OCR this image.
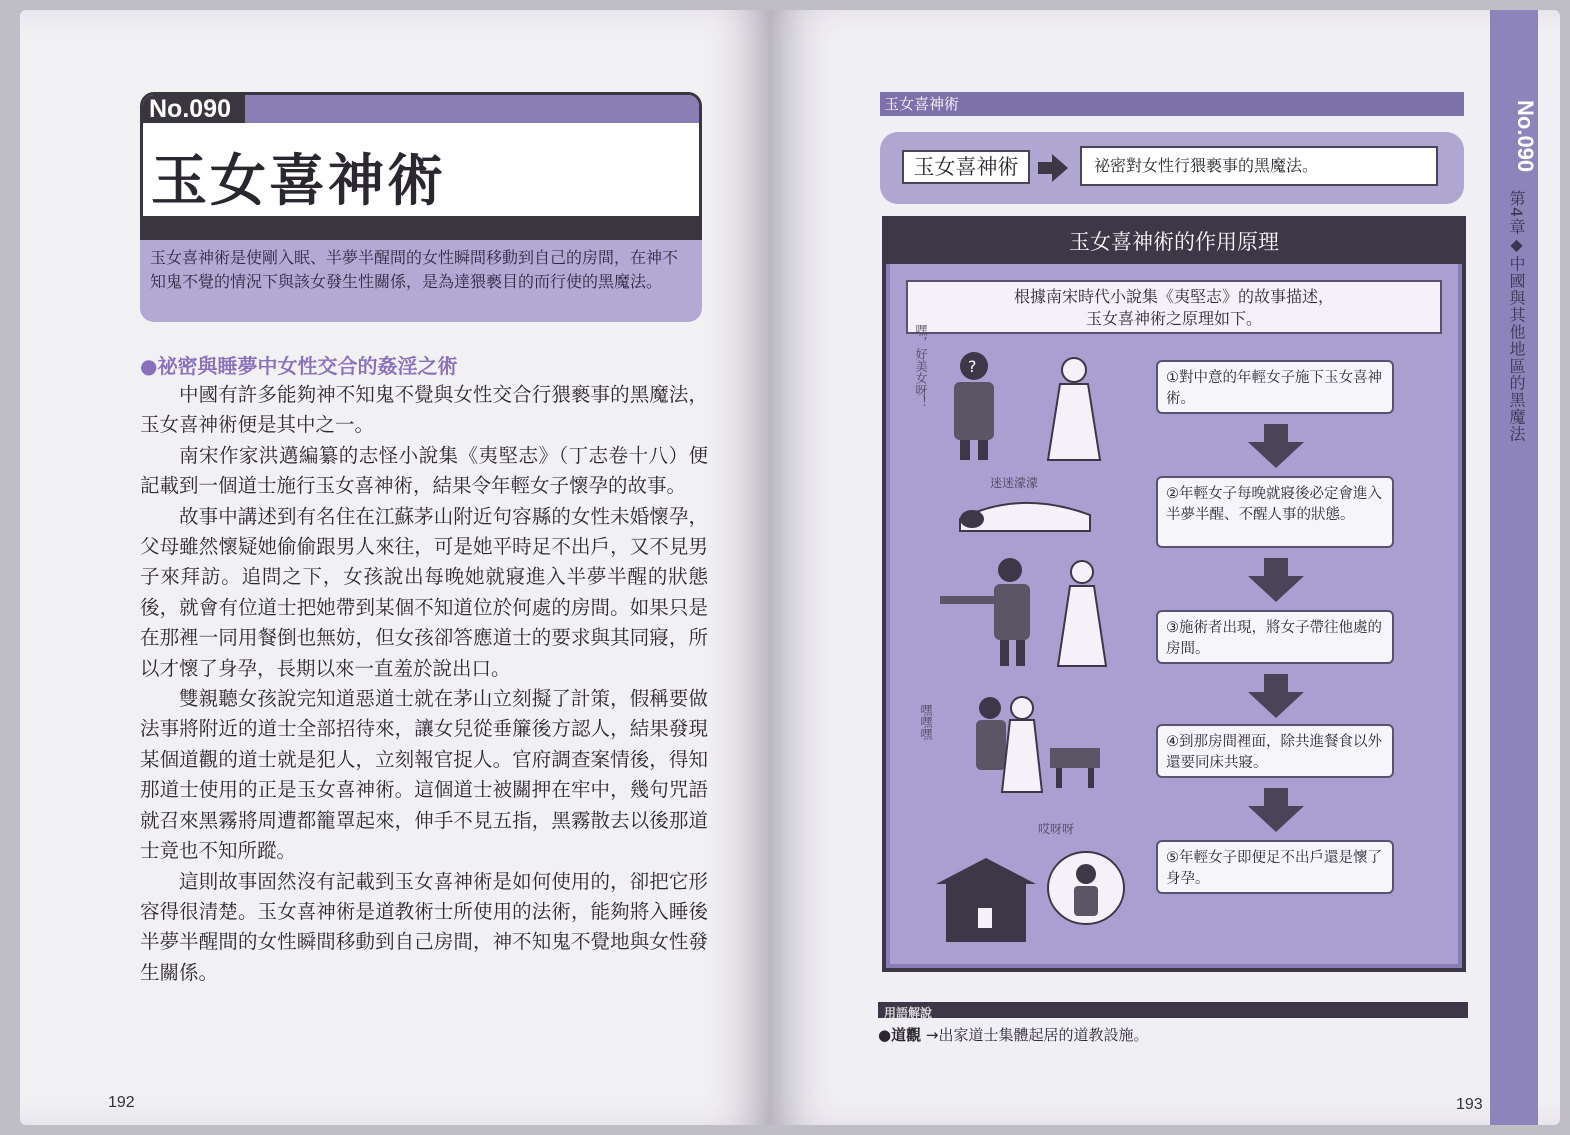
No.090
玉女喜神術
玉女喜神術是使剛入眠、半夢半醒間的女性瞬間移動到自己的房間，在神不知鬼不覺的情況下與該女發生性關係，是為達猥褻目的而行使的黑魔法。
●祕密與睡夢中女性交合的姦淫之術

中國有許多能夠神不知鬼不覺與女性交合行猥褻事的黑魔法，玉女喜神術便是其中之一。

南宋作家洪邁編纂的志怪小說集《夷堅志》（丁志卷十八）便記載到一個道士施行玉女喜神術，結果令年輕女子懷孕的故事。

故事中講述到有名住在江蘇茅山附近句容縣的女性未婚懷孕，父母雖然懷疑她偷偷跟男人來往，可是她平時足不出戶，又不見男子來拜訪。追問之下，女孩說出每晚她就寢進入半夢半醒的狀態後，就會有位道士把她帶到某個不知道位於何處的房間。如果只是在那裡一同用餐倒也無妨，但女孩卻答應道士的要求與其同寢，所以才懷了身孕，長期以來一直羞於說出口。

雙親聽女孩說完知道惡道士就在茅山立刻擬了計策，假稱要做法事將附近的道士全部招待來，讓女兒從垂簾後方認人，結果發現某個道觀的道士就是犯人，立刻報官捉人。官府調查案情後，得知那道士使用的正是玉女喜神術。這個道士被關押在牢中，幾句咒語就召來黑霧將周遭都籠罩起來，伸手不見五指，黑霧散去以後那道士竟也不知所蹤。

這則故事固然沒有記載到玉女喜神術是如何使用的，卻把它形容得很清楚。玉女喜神術是道教術士所使用的法術，能夠將入睡後半夢半醒間的女性瞬間移動到自己房間，神不知鬼不覺地與女性發生關係。

192
玉女喜神術
玉女喜神術	祕密對女性行猥褻事的黑魔法。
玉女喜神術的作用原理
根據南宋時代小說集《夷堅志》的故事描述，
玉女喜神術之原理如下。
?
嘿，好美女呀！
迷迷濛濛
嘿嘿嘿
哎呀呀
①對中意的年輕女子施下玉女喜神術。
②年輕女子每晚就寢後必定會進入半夢半醒、不醒人事的狀態。
③施術者出現，將女子帶往他處的房間。
④到那房間裡面，除共進餐食以外還要同床共寢。
⑤年輕女子即便足不出戶還是懷了身孕。
用語解說
●道觀 →出家道士集體起居的道教設施。
No.090
第4章◆中國與其他地區的黑魔法
193
